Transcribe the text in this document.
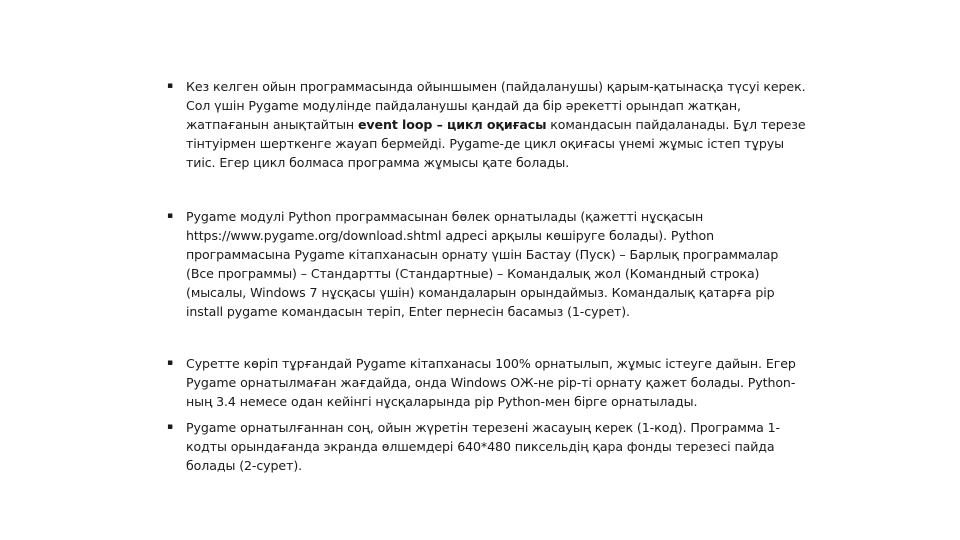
▪ Кез келген ойын программасында ойыншымен (пайдаланушы) қарым-қатынасқа түсуі керек. Сол үшін Pygame модулінде пайдаланушы қандай да бір әрекетті орындап жатқан, жатпағанын анықтайтын event loop – цикл оқиғасы командасын пайдаланады. Бұл терезе тінтуірмен шерткенге жауап бермейді. Pygame-де цикл оқиғасы үнемі жұмыс істеп тұруы тиіс. Егер цикл болмаса программа жұмысы қате болады.
▪ Pygame модулі Python программасынан бөлек орнатылады (қажетті нұсқасын https://www.pygame.org/download.shtml адресі арқылы көшіруге болады). Python программасына Pygame кітапханасын орнату үшін Бастау (Пуск) – Барлық программалар (Все программы) – Стандартты (Стандартные) – Командалық жол (Командный строка) (мысалы, Windows 7 нұсқасы үшін) командаларын орындаймыз. Командалық қатарға pip install pygame командасын теріп, Enter пернесін басамыз (1-сурет).
▪ Суретте көріп тұрғандай Pygame кітапханасы 100% орнатылып, жұмыс істеуге дайын. Егер Pygame орнатылмаған жағдайда, онда Windows ОЖ-не pip-ті орнату қажет болады. Python-ның 3.4 немесе одан кейінгі нұсқаларында pip Python-мен бірге орнатылады.
▪ Pygame орнатылғаннан соң, ойын жүретін терезені жасауың керек (1-код). Программа 1-кодты орындағанда экранда өлшемдері 640*480 пиксельдің қара фонды терезесі пайда болады (2-сурет).
